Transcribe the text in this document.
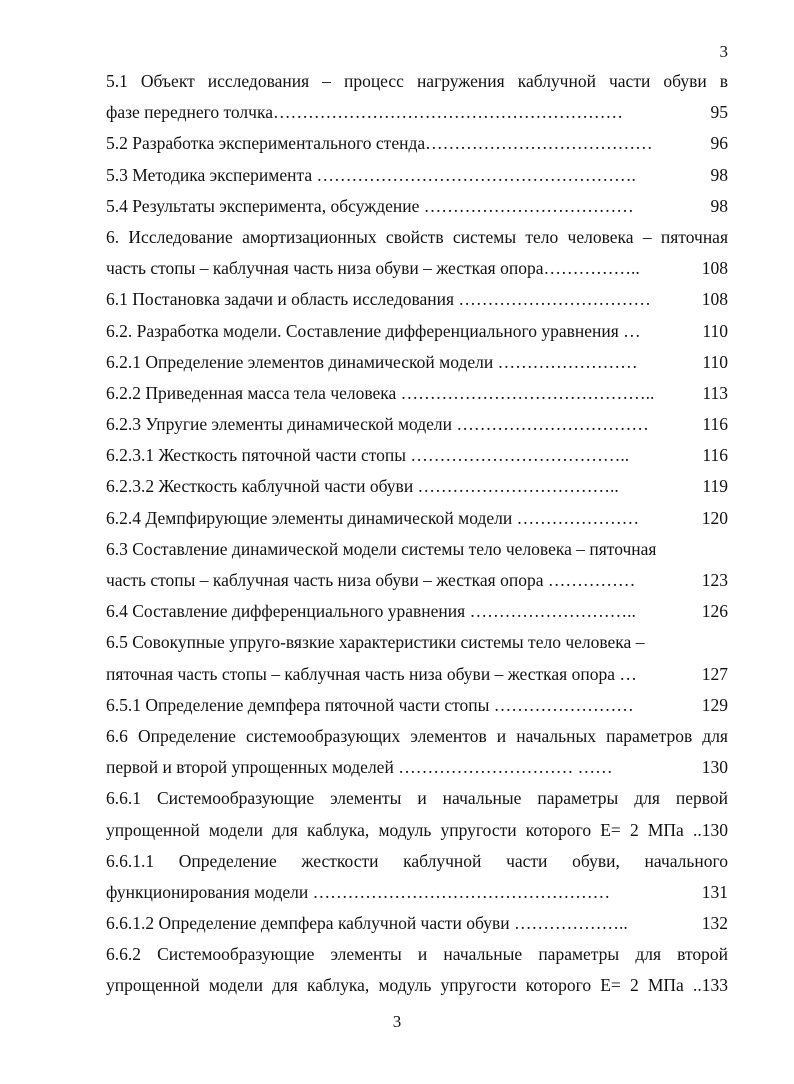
3
5.1 Объект исследования – процесс нагружения каблучной части обуви в
фазе переднего толчка……………………………………………………	95
5.2 Разработка экспериментального стенда…………………………………	96
5.3 Методика эксперимента ……………………………………………….	98
5.4 Результаты эксперимента, обсуждение ………………………………	98
6. Исследование амортизационных свойств системы тело человека – пяточная
часть стопы – каблучная часть низа обуви – жесткая опора……………..	108
6.1 Постановка задачи и область исследования ……………………………	108
6.2. Разработка модели. Составление дифференциального уравнения …	110
6.2.1 Определение элементов динамической модели ……………………	110
6.2.2 Приведенная масса тела человека ……………………………………..	113
6.2.3 Упругие элементы динамической модели ……………………………	116
6.2.3.1 Жесткость пяточной части стопы ………………………………..	116
6.2.3.2 Жесткость каблучной части обуви ……………………………..	119
6.2.4 Демпфирующие элементы динамической модели …………………	120
6.3 Составление динамической модели системы тело человека – пяточная
часть стопы – каблучная часть низа обуви – жесткая опора ……………	123
6.4 Составление дифференциального уравнения ………………………..	126
6.5 Совокупные упруго-вязкие характеристики системы тело человека –
пяточная часть стопы – каблучная часть низа обуви – жесткая опора …	127
6.5.1 Определение демпфера пяточной части стопы ……………………	129
6.6 Определение системообразующих элементов и начальных параметров для
первой и второй упрощенных моделей ………………………… ……	130
6.6.1 Системообразующие элементы и начальные параметры для первой
упрощенной модели для каблука, модуль упругости которого Е= 2 МПа ..130
6.6.1.1 Определение жесткости каблучной части обуви, начального
функционирования модели ……………………………………………	131
6.6.1.2 Определение демпфера каблучной части обуви ………………..	132
6.6.2 Системообразующие элементы и начальные параметры для второй
упрощенной модели для каблука, модуль упругости которого Е= 2 МПа ..133
3
